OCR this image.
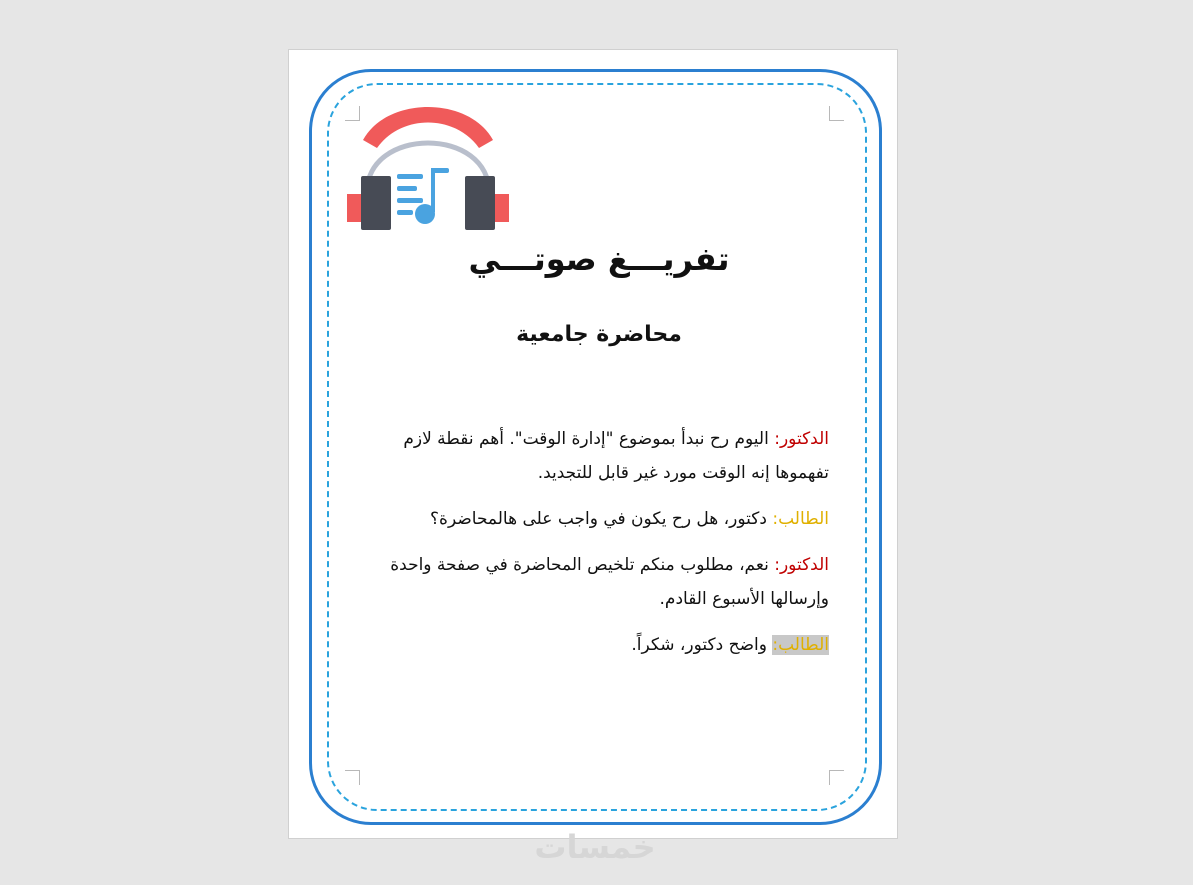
تفريـــغ صوتـــي
محاضرة جامعية

الدكتور: اليوم رح نبدأ بموضوع "إدارة الوقت". أهم نقطة لازم تفهموها إنه الوقت مورد غير قابل للتجديد.

الطالب: دكتور، هل رح يكون في واجب على هالمحاضرة؟

الدكتور: نعم، مطلوب منكم تلخيص المحاضرة في صفحة واحدة وإرسالها الأسبوع القادم.

الطالب: واضح دكتور، شكراً.

خمسات
